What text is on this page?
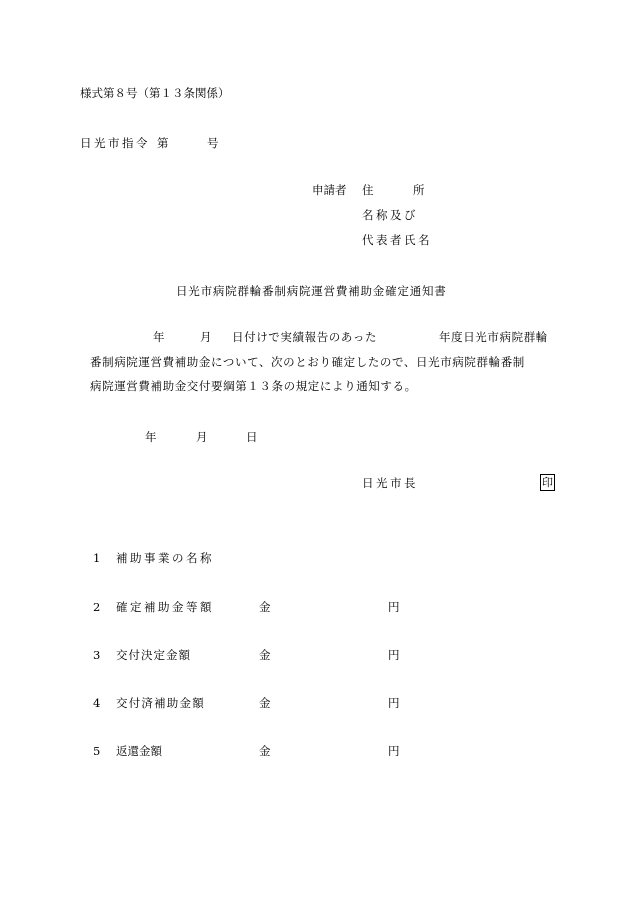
様式第８号（第１３条関係）
日光市指令 第	号
申請者 住	所
名称及び
代表者氏名
日光市病院群輪番制病院運営費補助金確定通知書
年	月 日付けで実績報告のあった	年度日光市病院群輪
番制病院運営費補助金について、次のとおり確定したので、日光市病院群輪番制
病院運営費補助金交付要綱第１３条の規定により通知する。
年	月	日
日光市長	印
1 補助事業の名称
2 確定補助金等額	金	円
3 交付決定金額	金	円
4 交付済補助金額	金	円
5 返還金額	金	円
